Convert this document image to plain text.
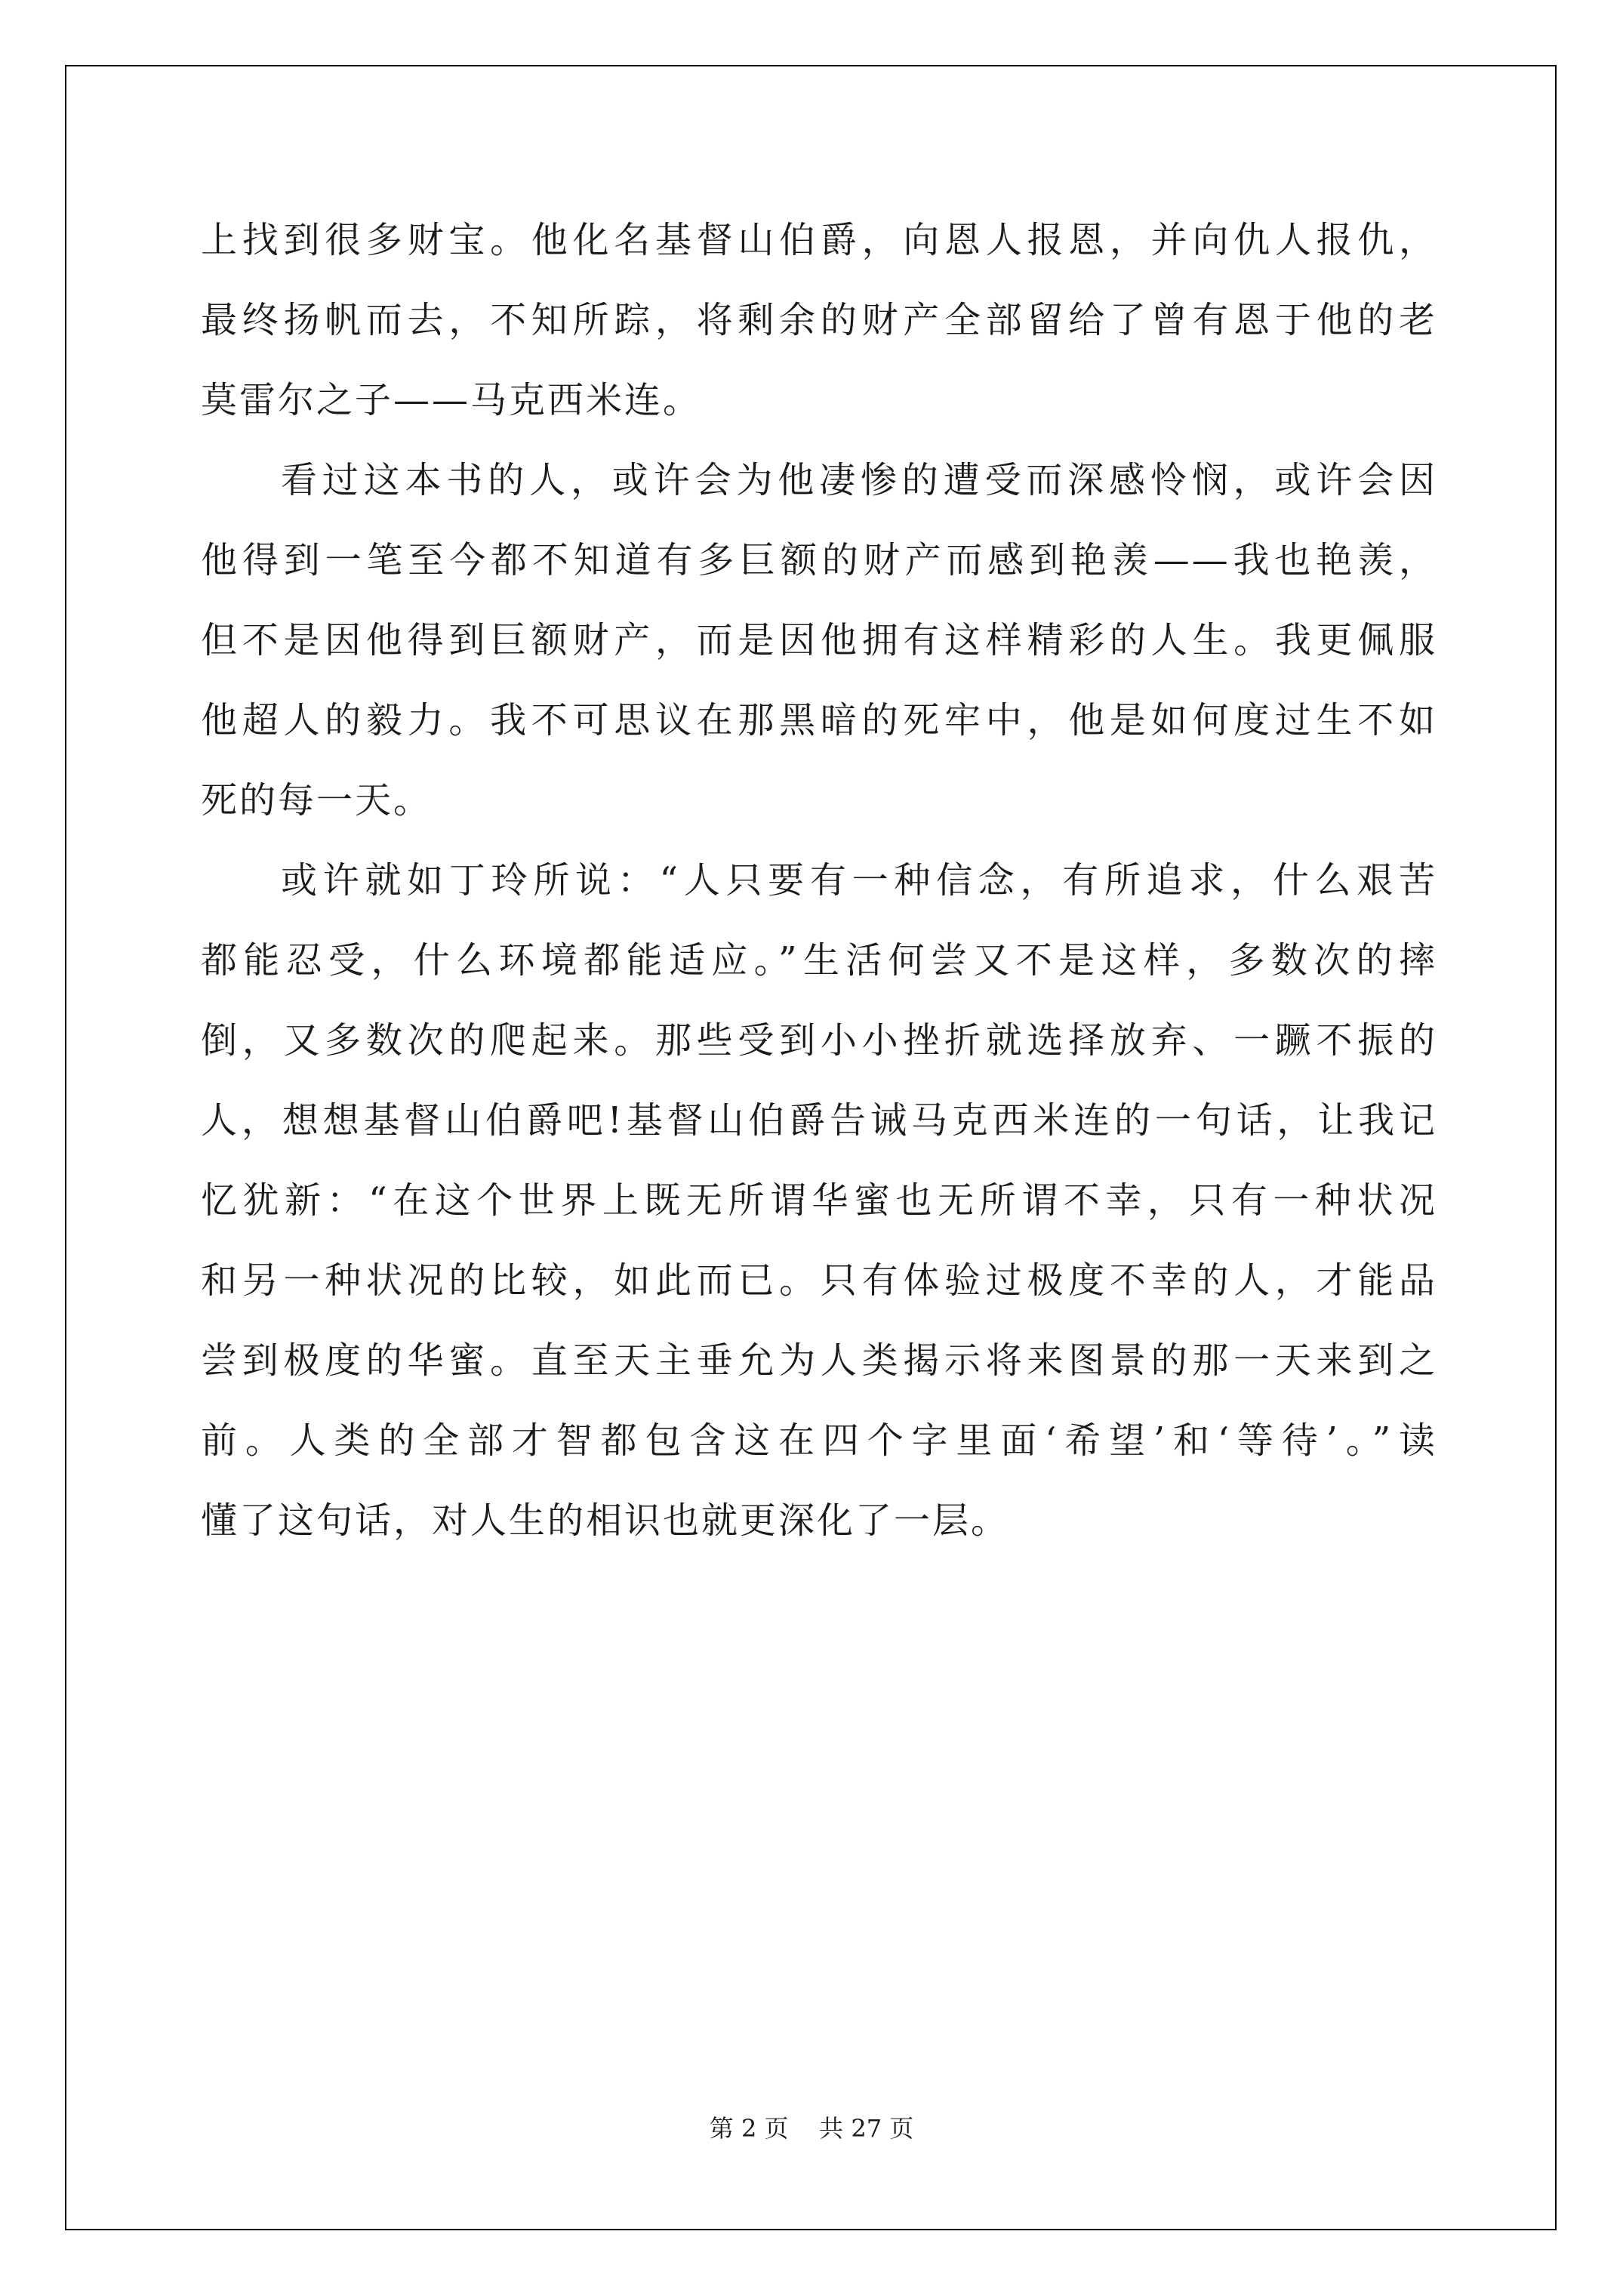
上找到很多财宝。他化名基督山伯爵，向恩人报恩，并向仇人报仇，
最终扬帆而去，不知所踪，将剩余的财产全部留给了曾有恩于他的老
莫雷尔之子——马克西米连。
看过这本书的人，或许会为他凄惨的遭受而深感怜悯，或许会因
他得到一笔至今都不知道有多巨额的财产而感到艳羡——我也艳羡，
但不是因他得到巨额财产，而是因他拥有这样精彩的人生。我更佩服
他超人的毅力。我不可思议在那黑暗的死牢中，他是如何度过生不如
死的每一天。
或许就如丁玲所说：“人只要有一种信念，有所追求，什么艰苦
都能忍受，什么环境都能适应。”生活何尝又不是这样，多数次的摔
倒，又多数次的爬起来。那些受到小小挫折就选择放弃、一蹶不振的
人，想想基督山伯爵吧!基督山伯爵告诫马克西米连的一句话，让我记
忆犹新：“在这个世界上既无所谓华蜜也无所谓不幸，只有一种状况
和另一种状况的比较，如此而已。只有体验过极度不幸的人，才能品
尝到极度的华蜜。直至天主垂允为人类揭示将来图景的那一天来到之
前。人类的全部才智都包含这在四个字里面‘希望’和‘等待’。”读
懂了这句话，对人生的相识也就更深化了一层。
第 2 页    共 27 页
